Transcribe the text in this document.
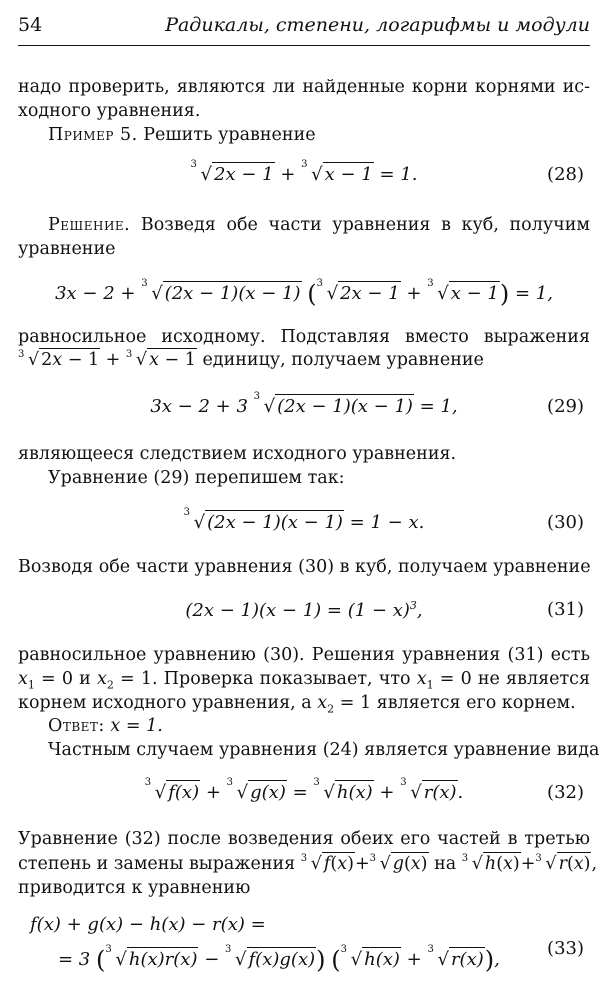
54	Радикалы, степени, логарифмы и модули
надо проверить, являются ли найденные корни корнями ис-
ходного уравнения.
Пример 5. Решить уравнение
3 √ 2x − 1 + 3 √ x − 1 = 1.	(28)
Решение. Возведя обе части уравнения в куб, получим
уравнение
3x − 2 + 3 √ (2x − 1)(x − 1) ( 3 √ 2x − 1 + 3 √ x − 1) = 1,
равносильное исходному. Подставляя вместо выражения
3 √ 2x − 1 + 3 √ x − 1 единицу, получаем уравнение
3x − 2 + 3 3 √ (2x − 1)(x − 1) = 1,	(29)
являющееся следствием исходного уравнения.
Уравнение (29) перепишем так:
3 √ (2x − 1)(x − 1) = 1 − x.	(30)
Возводя обе части уравнения (30) в куб, получаем уравнение
$(2x - 1)(x - 1) = (1 - x)^3$,	(31)
равносильное уравнению (30). Решения уравнения (31) есть
$x_1 = 0$ и $x_2 = 1$. Проверка показывает, что $x_1 = 0$ не является
корнем исходного уравнения, а $x_2 = 1$ является его корнем.
Ответ: x = 1.
Частным случаем уравнения (24) является уравнение вида
3 √ f(x) + 3 √ g(x) = 3 √ h(x) + 3 √ r(x).	(32)
Уравнение (32) после возведения обеих его частей в третью
степень и замены выражения 3 √ f(x)+ 3 √ g(x) на 3 √ h(x)+ 3 √ r(x),
приводится к уравнению
f(x) + g(x) − h(x) − r(x) =
= 3 ( 3 √ h(x)r(x) − 3 √ f(x)g(x)) ( 3 √ h(x) + 3 √ r(x)),
(33)
